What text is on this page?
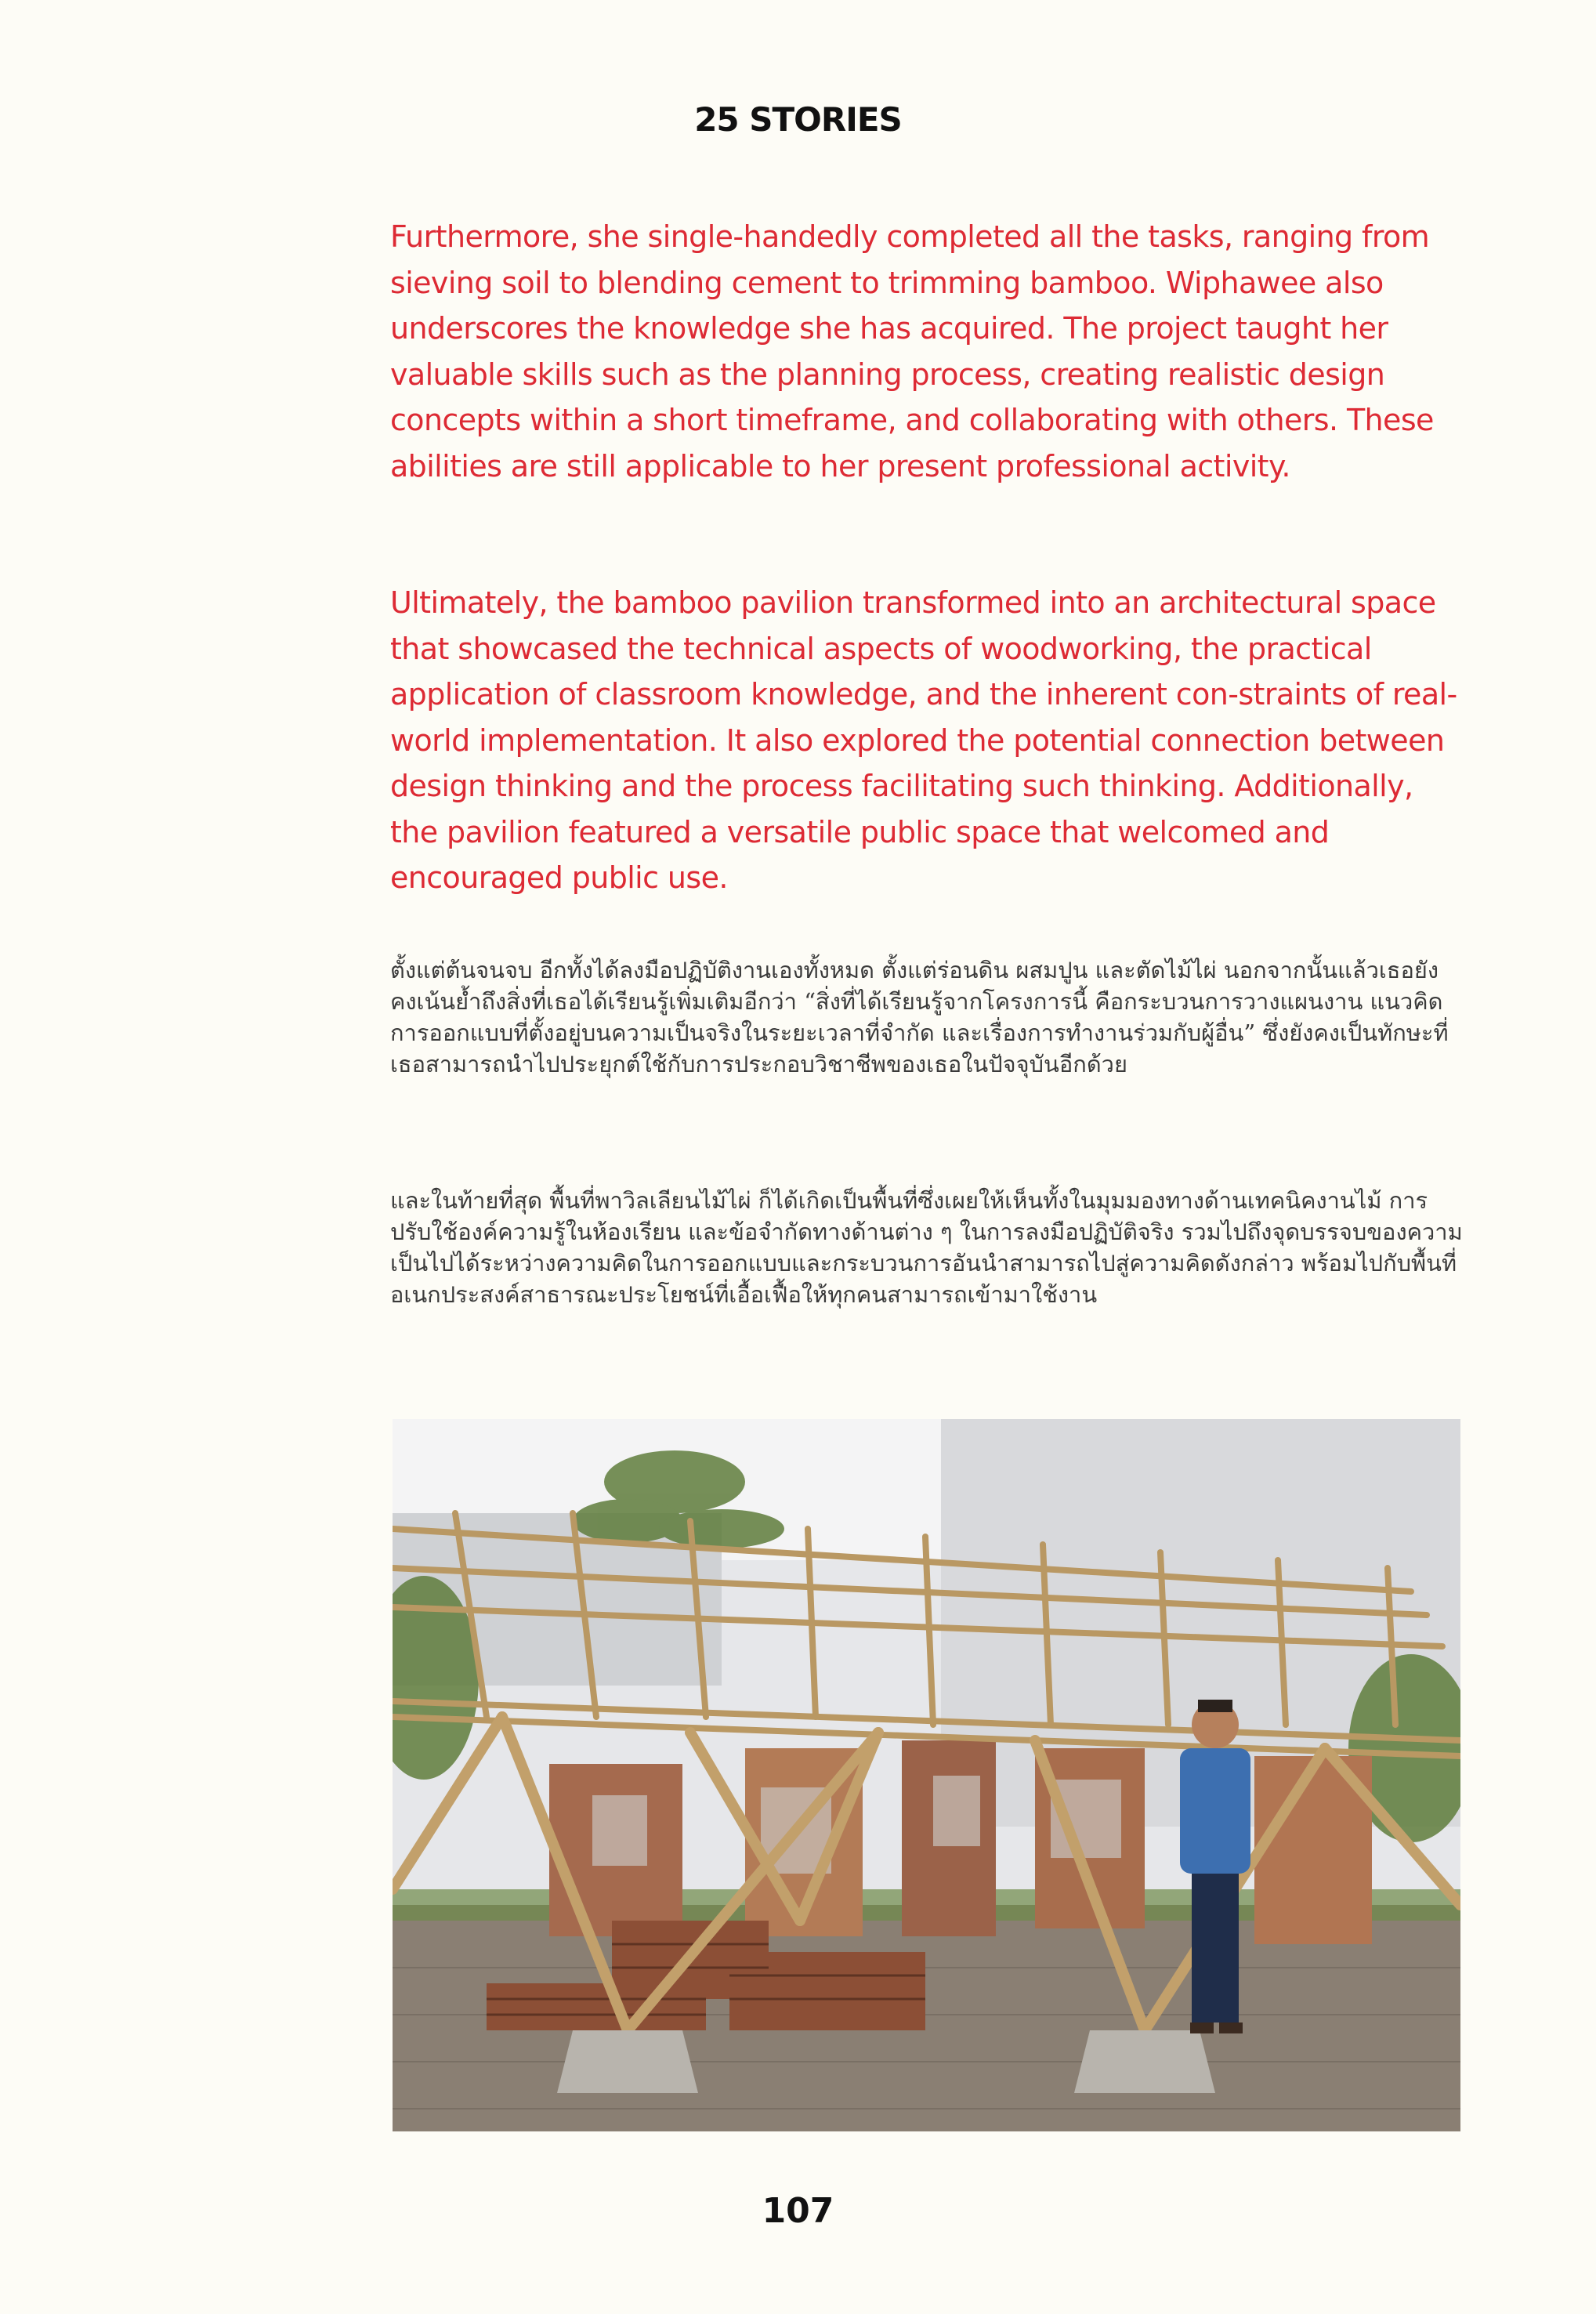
25 STORIES

Furthermore, she single-handedly completed all the tasks, ranging from sieving soil to blending cement to trimming bamboo. Wiphawee also underscores the knowledge she has acquired. The project taught her valuable skills such as the planning process, creating realistic design concepts within a short timeframe, and collaborating with others. These abilities are still applicable to her present professional activity.

Ultimately, the bamboo pavilion transformed into an architectural space that showcased the technical aspects of woodworking, the practical application of classroom knowledge, and the inherent con-straints of real-world implementation. It also explored the potential connection between design thinking and the process facilitating such thinking. Additionally, the pavilion featured a versatile public space that welcomed and encouraged public use.

ตั้งแต่ต้นจนจบ อีกทั้งได้ลงมือปฏิบัติงานเองทั้งหมด ตั้งแต่ร่อนดิน ผสมปูน และตัดไม้ไผ่ นอกจากนั้นแล้วเธอยังคงเน้นย้ำถึงสิ่งที่เธอได้เรียนรู้เพิ่มเติมอีกว่า “สิ่งที่ได้เรียนรู้จากโครงการนี้ คือกระบวนการวางแผนงาน แนวคิดการออกแบบที่ตั้งอยู่บนความเป็นจริงในระยะเวลาที่จำกัด และเรื่องการทำงานร่วมกับผู้อื่น” ซึ่งยังคงเป็นทักษะที่เธอสามารถนำไปประยุกต์ใช้กับการประกอบวิชาชีพของเธอในปัจจุบันอีกด้วย

และในท้ายที่สุด พื้นที่พาวิลเลียนไม้ไผ่ ก็ได้เกิดเป็นพื้นที่ซึ่งเผยให้เห็นทั้งในมุมมองทางด้านเทคนิคงานไม้ การปรับใช้องค์ความรู้ในห้องเรียน และข้อจำกัดทางด้านต่าง ๆ ในการลงมือปฏิบัติจริง รวมไปถึงจุดบรรจบของความเป็นไปได้ระหว่างความคิดในการออกแบบและกระบวนการอันนำสามารถไปสู่ความคิดดังกล่าว พร้อมไปกับพื้นที่อเนกประสงค์สาธารณะประโยชน์ที่เอื้อเฟื้อให้ทุกคนสามารถเข้ามาใช้งาน

107
